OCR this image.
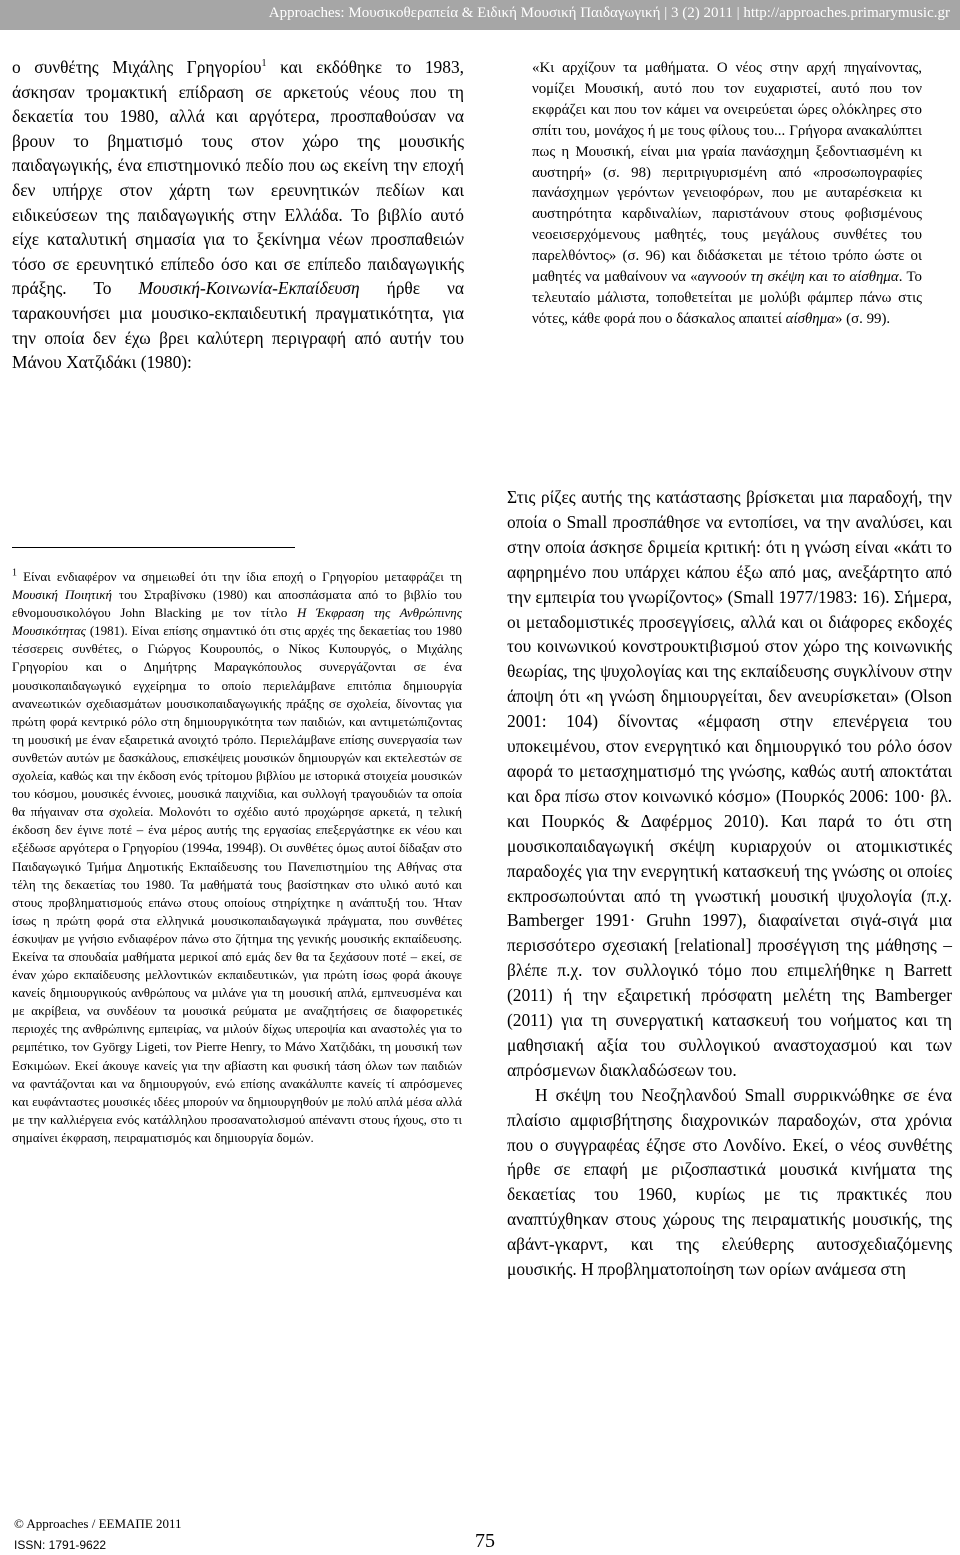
Approaches: Μουσικοθεραπεία & Ειδική Μουσική Παιδαγωγική | 3 (2) 2011 | http://approaches.primarymusic.gr
ο συνθέτης Μιχάλης Γρηγορίου$^1$ και εκδόθηκε το 1983, άσκησαν τρομακτική επίδραση σε αρκετούς νέους που τη δεκαετία του 1980, αλλά και αργότερα, προσπαθούσαν να βρουν το βηματισμό τους στον χώρο της μουσικής παιδαγωγικής, ένα επιστημονικό πεδίο που ως εκείνη την εποχή δεν υπήρχε στον χάρτη των ερευνητικών πεδίων και ειδικεύσεων της παιδαγωγικής στην Ελλάδα. Το βιβλίο αυτό είχε καταλυτική σημασία για το ξεκίνημα νέων προσπαθειών τόσο σε ερευνητικό επίπεδο όσο και σε επίπεδο παιδαγωγικής πράξης. Το Μουσική-Κοινωνία-Εκπαίδευση ήρθε να ταρακουνήσει μια μουσικο-εκπαιδευτική πραγματικότητα, για την οποία δεν έχω βρει καλύτερη περιγραφή από αυτήν του Μάνου Χατζιδάκι (1980):
«Κι αρχίζουν τα μαθήματα. Ο νέος στην αρχή πηγαίνοντας, νομίζει Μουσική, αυτό που τον ευχαριστεί, αυτό που τον εκφράζει και που τον κάμει να ονειρεύεται ώρες ολόκληρες στο σπίτι του, μονάχος ή με τους φίλους του... Γρήγορα ανακαλύπτει πως η Μουσική, είναι μια γραία πανάσχημη ξεδοντιασμένη κι αυστηρή» (σ. 98) περιτριγυρισμένη από «προσωπογραφίες πανάσχημων γερόντων γενειοφόρων, που με αυταρέσκεια κι αυστηρότητα καρδιναλίων, παριστάνουν στους φοβισμένους νεοεισερχόμενους μαθητές, τους μεγάλους συνθέτες του παρελθόντος» (σ. 96) και διδάσκεται με τέτοιο τρόπο ώστε οι μαθητές να μαθαίνουν να «αγνοούν τη σκέψη και το αίσθημα. Το τελευταίο μάλιστα, τοποθετείται με μολύβι φάμπερ πάνω στις νότες, κάθε φορά που ο δάσκαλος απαιτεί αίσθημα» (σ. 99).
$^1$ Είναι ενδιαφέρον να σημειωθεί ότι την ίδια εποχή ο Γρηγορίου μεταφράζει τη Μουσική Ποιητική του Στραβίνσκυ (1980) και αποσπάσματα από το βιβλίο του εθνομουσικολόγου John Blacking με τον τίτλο Η Έκφραση της Ανθρώπινης Μουσικότητας (1981). Είναι επίσης σημαντικό ότι στις αρχές της δεκαετίας του 1980 τέσσερεις συνθέτες, ο Γιώργος Κουρουπός, ο Νίκος Κυπουργός, ο Μιχάλης Γρηγορίου και ο Δημήτρης Μαραγκόπουλος συνεργάζονται σε ένα μουσικοπαιδαγωγικό εγχείρημα το οποίο περιελάμβανε επιτόπια δημιουργία ανανεωτικών σχεδιασμάτων μουσικοπαιδαγωγικής πράξης σε σχολεία, δίνοντας για πρώτη φορά κεντρικό ρόλο στη δημιουργικότητα των παιδιών, και αντιμετώπιζοντας τη μουσική με έναν εξαιρετικά ανοιχτό τρόπο. Περιελάμβανε επίσης συνεργασία των συνθετών αυτών με δασκάλους, επισκέψεις μουσικών δημιουργών και εκτελεστών σε σχολεία, καθώς και την έκδοση ενός τρίτομου βιβλίου με ιστορικά στοιχεία μουσικών του κόσμου, μουσικές έννοιες, μουσικά παιχνίδια, και συλλογή τραγουδιών τα οποία θα πήγαιναν στα σχολεία. Μολονότι το σχέδιο αυτό προχώρησε αρκετά, η τελική έκδοση δεν έγινε ποτέ – ένα μέρος αυτής της εργασίας επεξεργάστηκε εκ νέου και εξέδωσε αργότερα ο Γρηγορίου (1994α, 1994β). Οι συνθέτες όμως αυτοί δίδαξαν στο Παιδαγωγικό Τμήμα Δημοτικής Εκπαίδευσης του Πανεπιστημίου της Αθήνας στα τέλη της δεκαετίας του 1980. Τα μαθήματά τους βασίστηκαν στο υλικό αυτό και στους προβληματισμούς επάνω στους οποίους στηρίχτηκε η ανάπτυξή του. Ήταν ίσως η πρώτη φορά στα ελληνικά μουσικοπαιδαγωγικά πράγματα, που συνθέτες έσκυψαν με γνήσιο ενδιαφέρον πάνω στο ζήτημα της γενικής μουσικής εκπαίδευσης. Εκείνα τα σπουδαία μαθήματα μερικοί από εμάς δεν θα τα ξεχάσουν ποτέ – εκεί, σε έναν χώρο εκπαίδευσης μελλοντικών εκπαιδευτικών, για πρώτη ίσως φορά άκουγε κανείς δημιουργικούς ανθρώπους να μιλάνε για τη μουσική απλά, εμπνευσμένα και με ακρίβεια, να συνδέουν τα μουσικά ρεύματα με αναζητήσεις σε διαφορετικές περιοχές της ανθρώπινης εμπειρίας, να μιλούν δίχως υπεροψία και αναστολές για το ρεμπέτικο, τον György Ligeti, τον Pierre Henry, το Μάνο Χατζιδάκι, τη μουσική των Εσκιμώων. Εκεί άκουγε κανείς για την αβίαστη και φυσική τάση όλων των παιδιών να φαντάζονται και να δημιουργούν, ενώ επίσης ανακάλυπτε κανείς τί απρόσμενες και ευφάνταστες μουσικές ιδέες μπορούν να δημιουργηθούν με πολύ απλά μέσα αλλά με την καλλιέργεια ενός κατάλληλου προσανατολισμού απέναντι στους ήχους, στο τι σημαίνει έκφραση, πειραματισμός και δημιουργία δομών.

Στις ρίζες αυτής της κατάστασης βρίσκεται μια παραδοχή, την οποία ο Small προσπάθησε να εντοπίσει, να την αναλύσει, και στην οποία άσκησε δριμεία κριτική: ότι η γνώση είναι «κάτι το αφηρημένο που υπάρχει κάπου έξω από μας, ανεξάρτητο από την εμπειρία του γνωρίζοντος» (Small 1977/1983: 16). Σήμερα, οι μεταδομιστικές προσεγγίσεις, αλλά και οι διάφορες εκδοχές του κοινωνικού κονστρουκτιβισμού στον χώρο της κοινωνικής θεωρίας, της ψυχολογίας και της εκπαίδευσης συγκλίνουν στην άποψη ότι «η γνώση δημιουργείται, δεν ανευρίσκεται» (Olson 2001: 104) δίνοντας «έμφαση στην επενέργεια του υποκειμένου, στον ενεργητικό και δημιουργικό του ρόλο όσον αφορά το μετασχηματισμό της γνώσης, καθώς αυτή αποκτάται και δρα πίσω στον κοινωνικό κόσμο» (Πουρκός 2006: 100· βλ. και Πουρκός & Δαφέρμος 2010). Και παρά το ότι στη μουσικοπαιδαγωγική σκέψη κυριαρχούν οι ατομικιστικές παραδοχές για την ενεργητική κατασκευή της γνώσης οι οποίες εκπροσωπούνται από τη γνωστική μουσική ψυχολογία (π.χ. Bamberger 1991· Gruhn 1997), διαφαίνεται σιγά-σιγά μια περισσότερο σχεσιακή [relational] προσέγγιση της μάθησης – βλέπε π.χ. τον συλλογικό τόμο που επιμελήθηκε η Barrett (2011) ή την εξαιρετική πρόσφατη μελέτη της Bamberger (2011) για τη συνεργατική κατασκευή του νοήματος και τη μαθησιακή αξία του συλλογικού αναστοχασμού και των απρόσμενων διακλαδώσεων του.

Η σκέψη του Νεοζηλανδού Small συρρικνώθηκε σε ένα πλαίσιο αμφισβήτησης διαχρονικών παραδοχών, στα χρόνια που ο συγγραφέας έζησε στο Λονδίνο. Εκεί, ο νέος συνθέτης ήρθε σε επαφή με ριζοσπαστικά μουσικά κινήματα της δεκαετίας του 1960, κυρίως με τις πρακτικές που αναπτύχθηκαν στους χώρους της πειραματικής μουσικής, της αβάντ-γκαρντ, και της ελεύθερης αυτοσχεδιαζόμενης μουσικής. Η προβληματοποίηση των ορίων ανάμεσα στη

© Approaches / ΕΕΜΑΠΕ 2011
ISSN: 1791-9622	75
